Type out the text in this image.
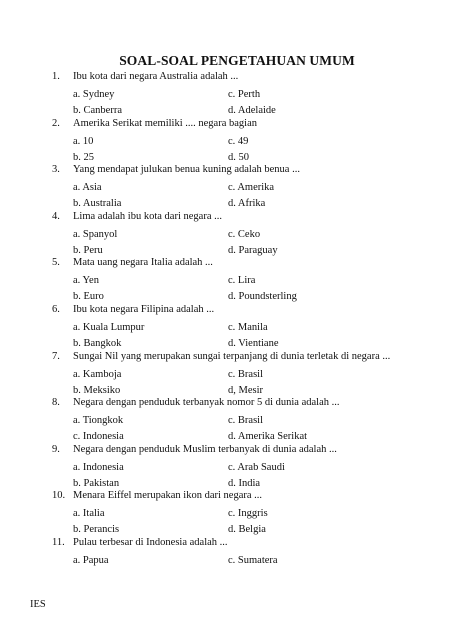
SOAL-SOAL PENGETAHUAN UMUM
1. Ibu kota dari negara Australia adalah ...
a. Sydney	c. Perth
b. Canberra	d. Adelaide
2. Amerika Serikat memiliki .... negara bagian
a. 10	c. 49
b. 25	d. 50
3. Yang mendapat julukan benua kuning adalah benua ...
a. Asia	c. Amerika
b. Australia	d. Afrika
4. Lima adalah ibu kota dari negara ...
a. Spanyol	c. Ceko
b. Peru	d. Paraguay
5. Mata uang negara Italia adalah ...
a. Yen	c. Lira
b. Euro	d. Poundsterling
6. Ibu kota negara Filipina adalah ...
a. Kuala Lumpur	c. Manila
b. Bangkok	d. Vientiane
7. Sungai Nil yang merupakan sungai terpanjang di dunia terletak di negara ...
a. Kamboja	c. Brasil
b. Meksiko	d, Mesir
8. Negara dengan penduduk terbanyak nomor 5 di dunia adalah ...
a. Tiongkok	c. Brasil
c. Indonesia	d. Amerika Serikat
9. Negara dengan penduduk Muslim terbanyak di dunia adalah ...
a. Indonesia	c. Arab Saudi
b. Pakistan	d. India
10. Menara Eiffel merupakan ikon dari negara ...
a. Italia	c. Inggris
b. Perancis	d. Belgia
11. Pulau terbesar di Indonesia adalah ...
a. Papua	c. Sumatera
IES
